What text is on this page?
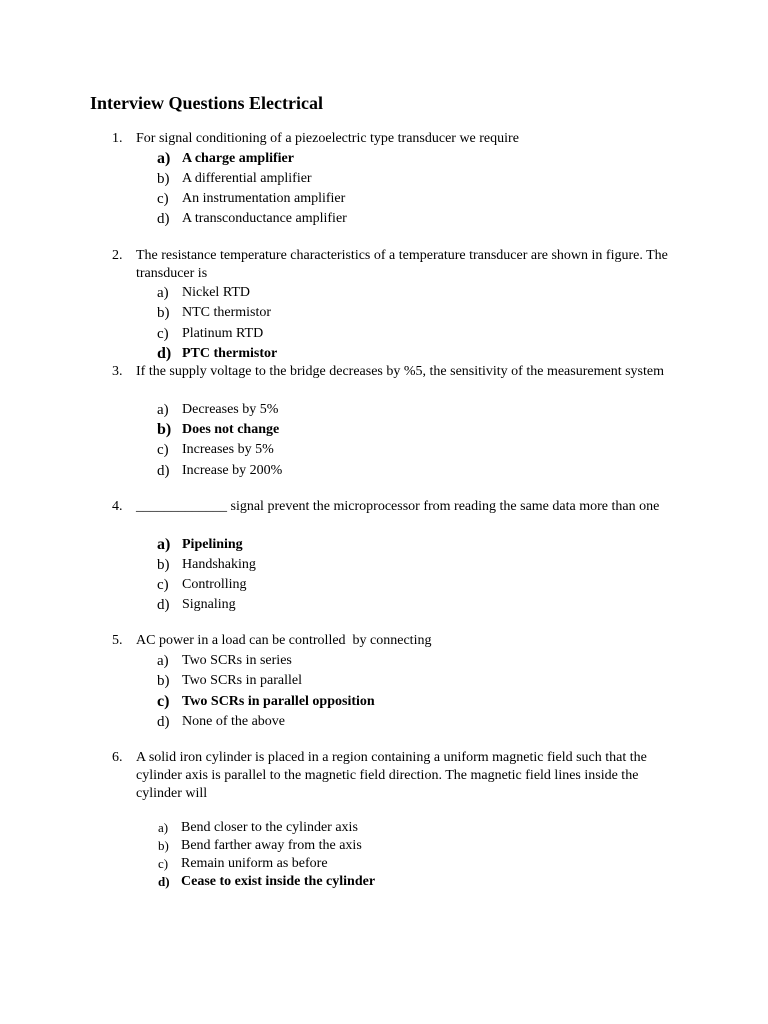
Interview Questions Electrical
1. For signal conditioning of a piezoelectric type transducer we require
a) A charge amplifier
b) A differential amplifier
c) An instrumentation amplifier
d) A transconductance amplifier
2. The resistance temperature characteristics of a temperature transducer are shown in figure. The transducer is
a) Nickel RTD
b) NTC thermistor
c) Platinum RTD
d) PTC thermistor
3. If the supply voltage to the bridge decreases by %5, the sensitivity of the measurement system
a) Decreases by 5%
b) Does not change
c) Increases by 5%
d) Increase by 200%
4. _____________ signal prevent the microprocessor from reading the same data more than one
a) Pipelining
b) Handshaking
c) Controlling
d) Signaling
5. AC power in a load can be controlled  by connecting
a) Two SCRs in series
b) Two SCRs in parallel
c) Two SCRs in parallel opposition
d) None of the above
6. A solid iron cylinder is placed in a region containing a uniform magnetic field such that the cylinder axis is parallel to the magnetic field direction. The magnetic field lines inside the cylinder will
a) Bend closer to the cylinder axis
b) Bend farther away from the axis
c) Remain uniform as before
d) Cease to exist inside the cylinder
